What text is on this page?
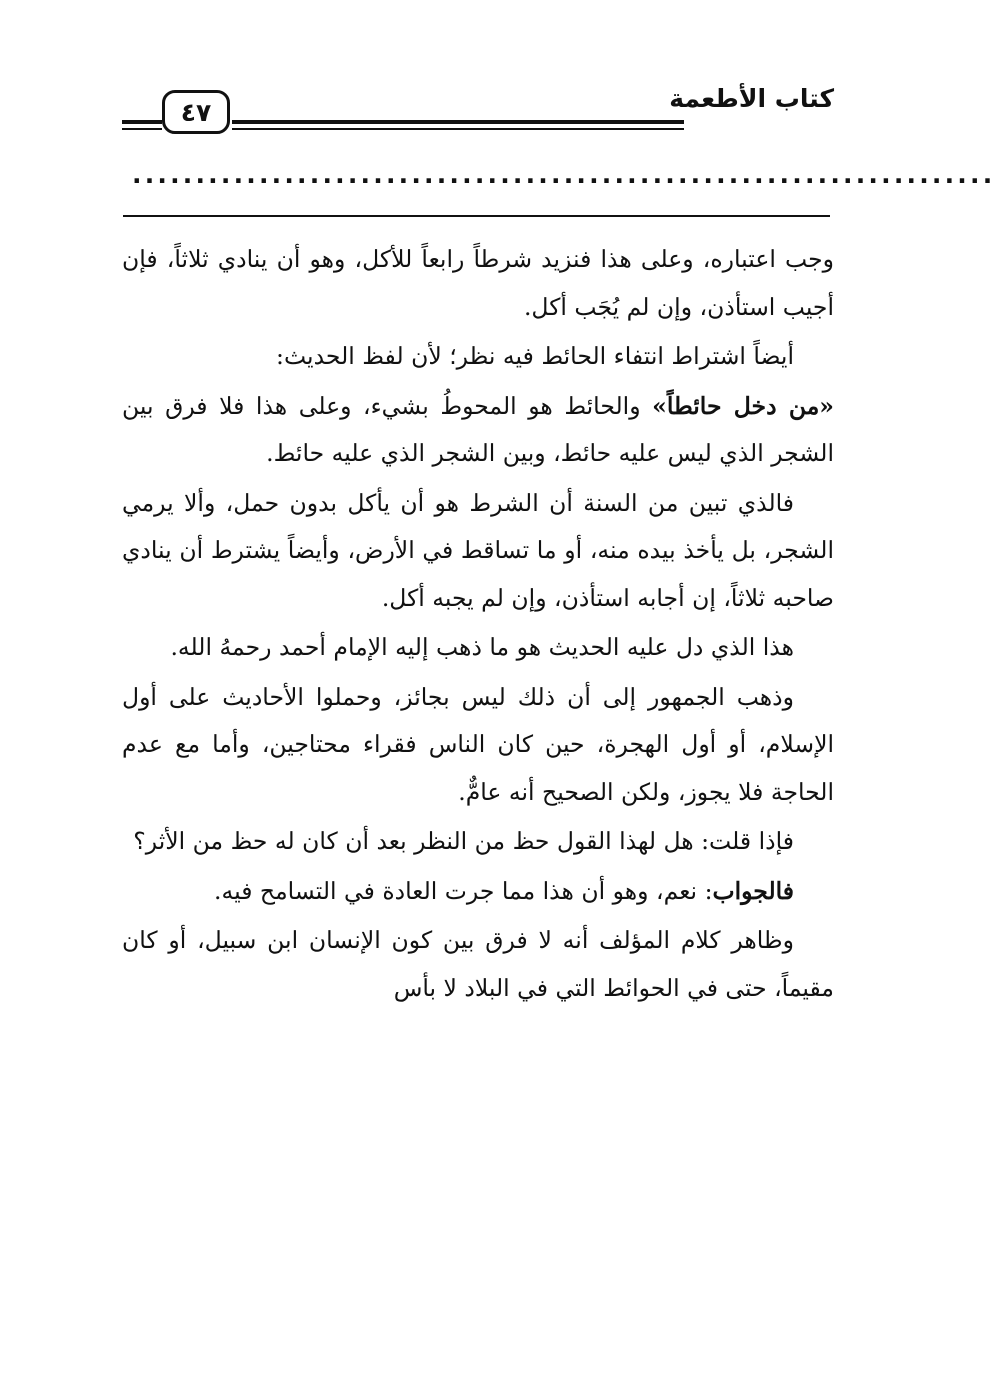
كتاب الأطعمة
٤٧
....................................................................

وجب اعتباره، وعلى هذا فنزيد شرطاً رابعاً للأكل، وهو أن ينادي ثلاثاً، فإن أجيب استأذن، وإن لم يُجَب أكل.

أيضاً اشتراط انتفاء الحائط فيه نظر؛ لأن لفظ الحديث:

«من دخل حائطاً» والحائط هو المحوطُ بشيء، وعلى هذا فلا فرق بين الشجر الذي ليس عليه حائط، وبين الشجر الذي عليه حائط.

فالذي تبين من السنة أن الشرط هو أن يأكل بدون حمل، وألا يرمي الشجر، بل يأخذ بيده منه، أو ما تساقط في الأرض، وأيضاً يشترط أن ينادي صاحبه ثلاثاً، إن أجابه استأذن، وإن لم يجبه أكل.

هذا الذي دل عليه الحديث هو ما ذهب إليه الإمام أحمد رحمهُ الله.

وذهب الجمهور إلى أن ذلك ليس بجائز، وحملوا الأحاديث على أول الإسلام، أو أول الهجرة، حين كان الناس فقراء محتاجين، وأما مع عدم الحاجة فلا يجوز، ولكن الصحيح أنه عامٌّ.

فإذا قلت: هل لهذا القول حظ من النظر بعد أن كان له حظ من الأثر؟

فالجواب: نعم، وهو أن هذا مما جرت العادة في التسامح فيه.

وظاهر كلام المؤلف أنه لا فرق بين كون الإنسان ابن سبيل، أو كان مقيماً، حتى في الحوائط التي في البلاد لا بأس
